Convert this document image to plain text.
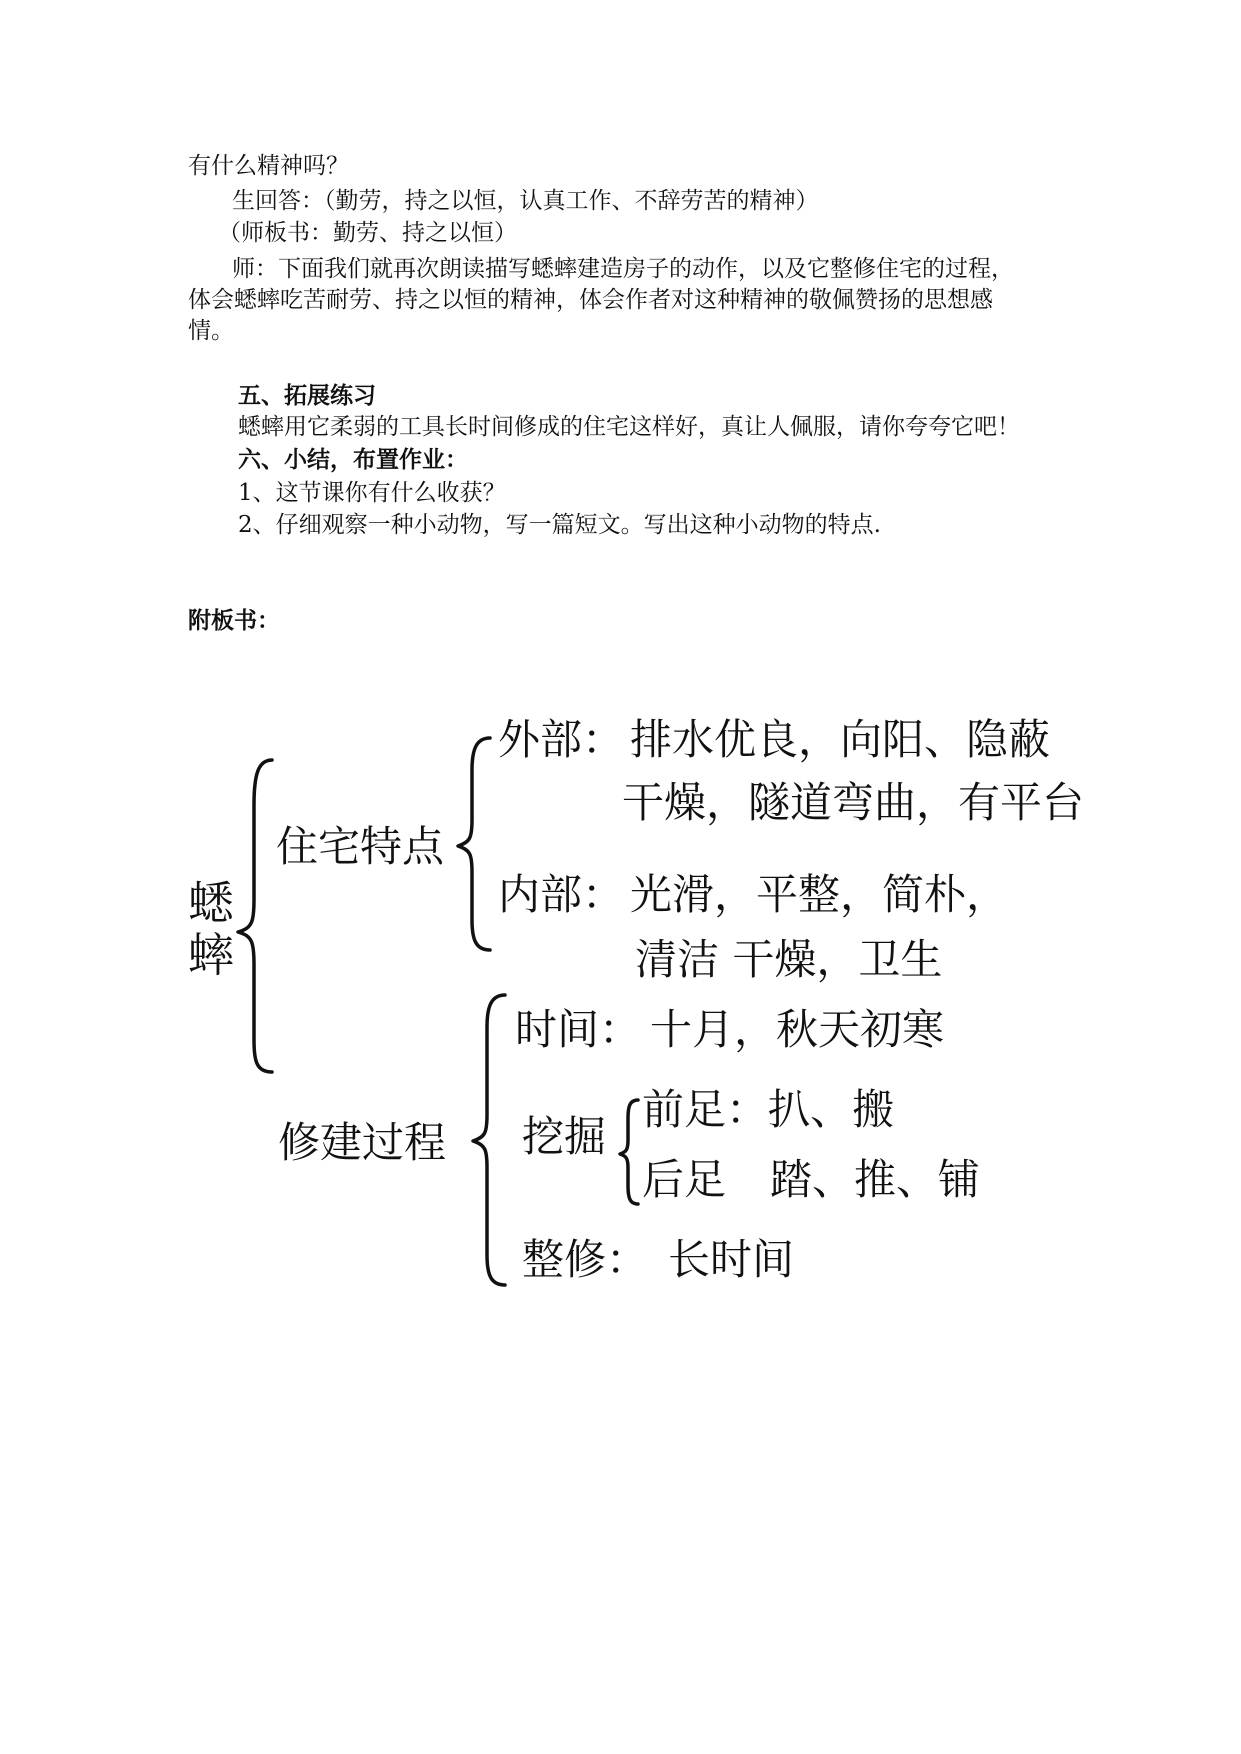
有什么精神吗？
生回答：（勤劳，持之以恒，认真工作、不辞劳苦的精神）
（师板书：勤劳、持之以恒）
师：下面我们就再次朗读描写蟋蟀建造房子的动作，以及它整修住宅的过程，
体会蟋蟀吃苦耐劳、持之以恒的精神，体会作者对这种精神的敬佩赞扬的思想感
情。
五、拓展练习
蟋蟀用它柔弱的工具长时间修成的住宅这样好，真让人佩服，请你夸夸它吧！
六、小结，布置作业：
1、这节课你有什么收获？
2、仔细观察一种小动物，写一篇短文。写出这种小动物的特点.
附板书：
蟋
蟀
住宅特点
外部： 排水优良，向阳、隐蔽
干燥，隧道弯曲，有平台
内部： 光滑，平整，简朴，
清洁 干燥，卫生
修建过程
时间： 十月，秋天初寒
挖掘
前足： 扒、搬
后足 踏、推、铺
整修： 长时间
